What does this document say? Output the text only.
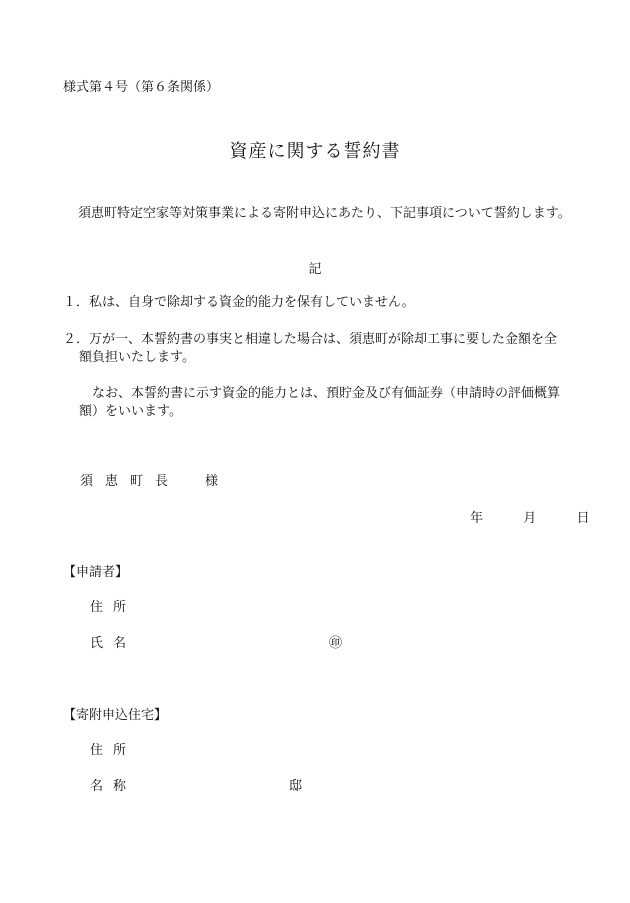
様式第４号（第６条関係）
資産に関する誓約書
須恵町特定空家等対策事業による寄附申込にあたり、下記事項について誓約します。
記
１．私は、自身で除却する資金的能力を保有していません。
２．万が一、本誓約書の事実と相違した場合は、須恵町が除却工事に要した金額を全
額負担いたします。
なお、本誓約書に示す資金的能力とは、預貯金及び有価証券（申請時の評価概算
額）をいいます。
須恵町長　様
年	月	日
【申請者】
住所
氏名	㊞
【寄附申込住宅】
住所
名称	邸
